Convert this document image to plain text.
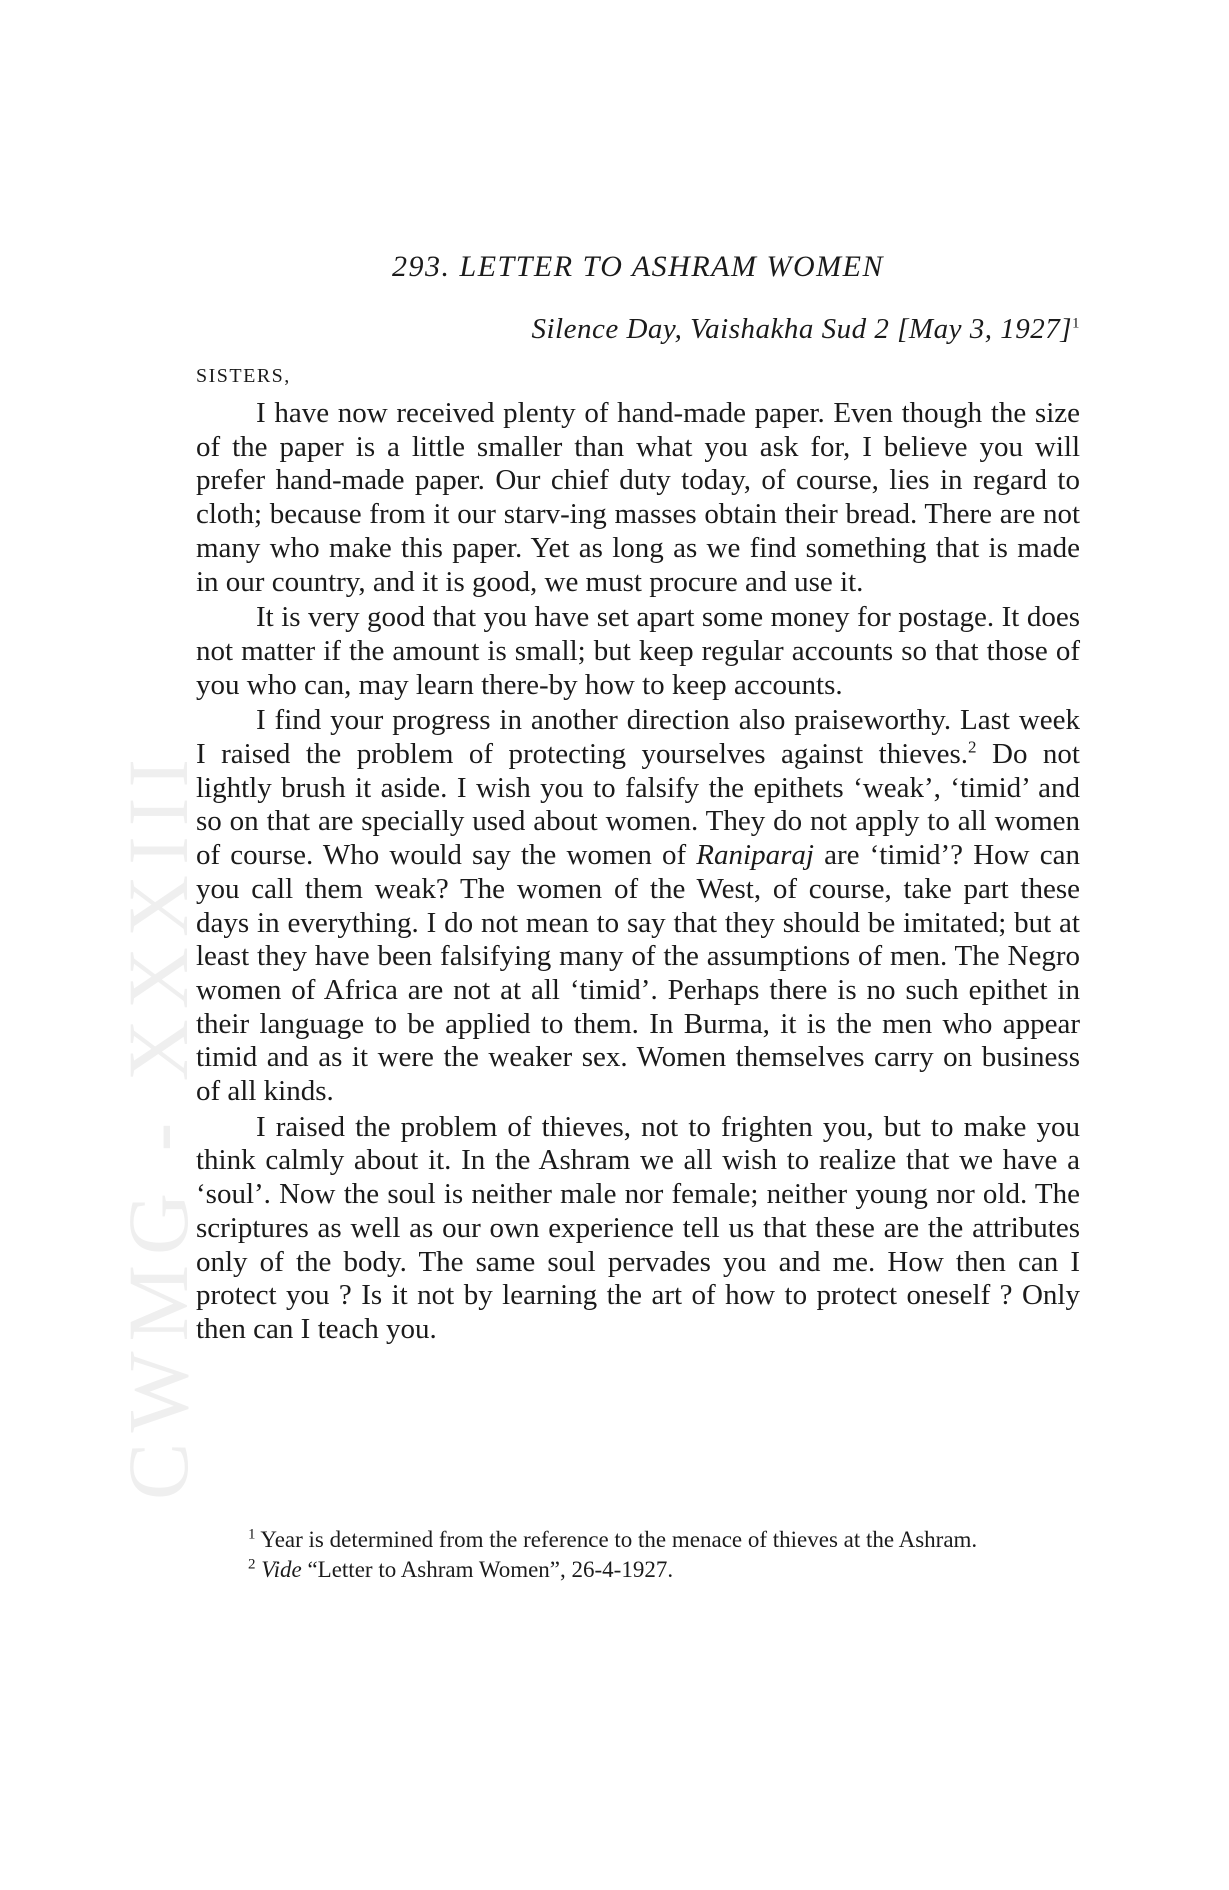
CWMG - XXXIII
293. LETTER TO ASHRAM WOMEN

Silence Day, Vaishakha Sud 2 [May 3, 1927]$^1$

SISTERS,

I have now received plenty of hand-made paper. Even though the size of the paper is a little smaller than what you ask for, I believe you will prefer hand-made paper. Our chief duty today, of course, lies in regard to cloth; because from it our starv-ing masses obtain their bread. There are not many who make this paper. Yet as long as we find something that is made in our country, and it is good, we must procure and use it.

It is very good that you have set apart some money for postage. It does not matter if the amount is small; but keep regular accounts so that those of you who can, may learn there-by how to keep accounts.

I find your progress in another direction also praiseworthy. Last week I raised the problem of protecting yourselves against thieves.$^2$ Do not lightly brush it aside. I wish you to falsify the epithets ‘weak’, ‘timid’ and so on that are specially used about women. They do not apply to all women of course. Who would say the women of Raniparaj are ‘timid’? How can you call them weak? The women of the West, of course, take part these days in everything. I do not mean to say that they should be imitated; but at least they have been falsifying many of the assumptions of men. The Negro women of Africa are not at all ‘timid’. Perhaps there is no such epithet in their language to be applied to them. In Burma, it is the men who appear timid and as it were the weaker sex. Women themselves carry on business of all kinds.

I raised the problem of thieves, not to frighten you, but to make you think calmly about it. In the Ashram we all wish to realize that we have a ‘soul’. Now the soul is neither male nor female; neither young nor old. The scriptures as well as our own experience tell us that these are the attributes only of the body. The same soul pervades you and me. How then can I protect you ? Is it not by learning the art of how to protect oneself ? Only then can I teach you.

$^1$ Year is determined from the reference to the menace of thieves at the Ashram.

$^2$ Vide “Letter to Ashram Women”, 26-4-1927.
